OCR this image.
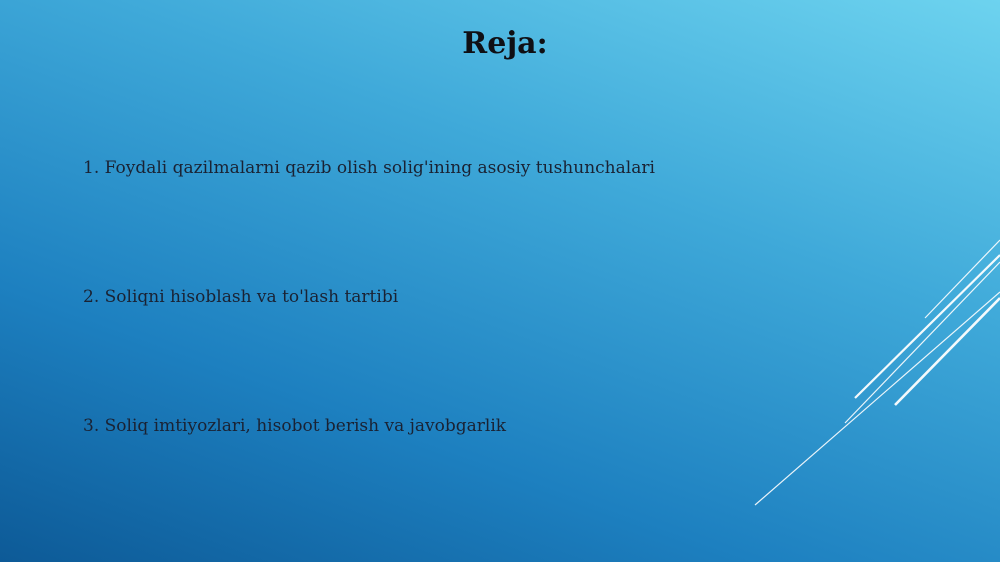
Reja:
1. Foydali qazilmalarni qazib olish solig'ining asosiy tushunchalari
2. Soliqni hisoblash va to'lash tartibi
3. Soliq imtiyozlari, hisobot berish va javobgarlik
